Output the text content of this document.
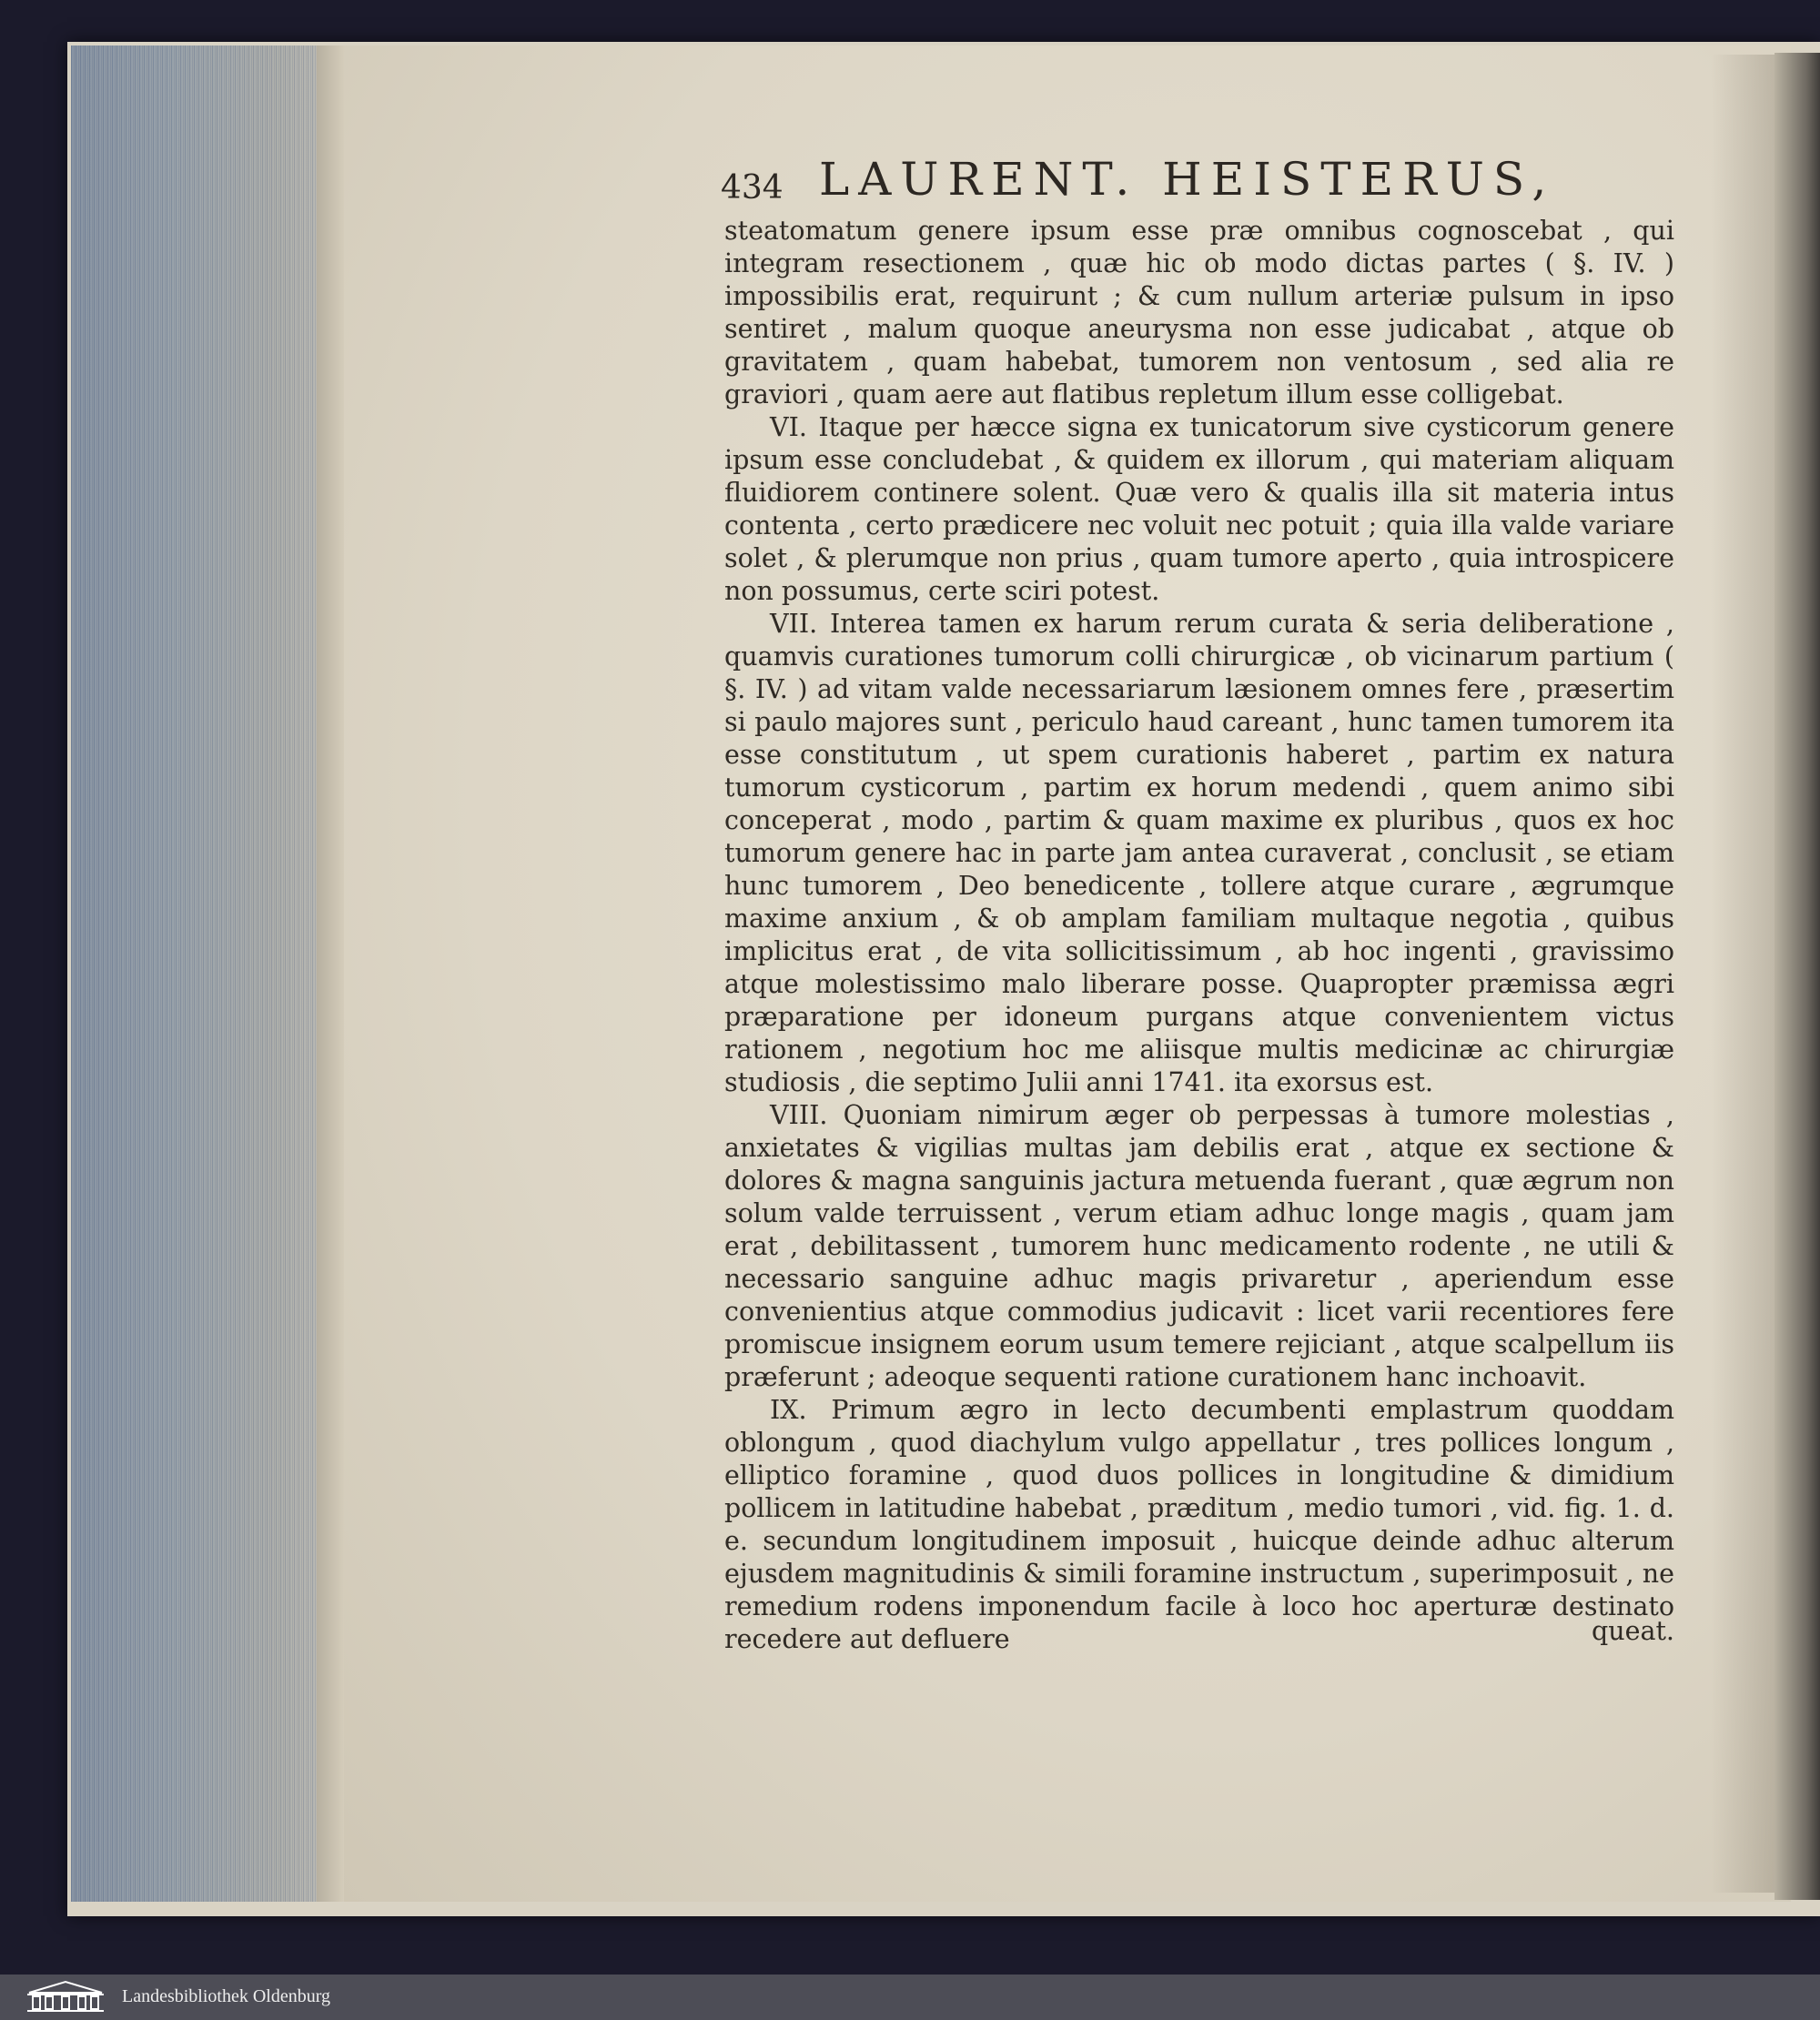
434 LAURENT. HEISTERUS,

steatomatum genere ipsum esse præ omnibus cognoscebat , qui integram resectionem , quæ hic ob modo dictas partes ( §. IV. ) impossibilis erat, requirunt ; & cum nullum arteriæ pulsum in ipso sentiret , malum quoque aneurysma non esse judicabat , atque ob gravitatem , quam habebat, tumorem non ventosum , sed alia re graviori , quam aere aut flatibus repletum illum esse colligebat.

VI. Itaque per hæcce signa ex tunicatorum sive cysticorum genere ipsum esse concludebat , & quidem ex illorum , qui materiam aliquam fluidiorem continere solent. Quæ vero & qualis illa sit materia intus contenta , certo prædicere nec voluit nec potuit ; quia illa valde variare solet , & plerumque non prius , quam tumore aperto , quia introspicere non possumus, certe sciri potest.

VII. Interea tamen ex harum rerum curata & seria deliberatione , quamvis curationes tumorum colli chirurgicæ , ob vicinarum partium ( §. IV. ) ad vitam valde necessariarum læsionem omnes fere , præsertim si paulo majores sunt , periculo haud careant , hunc tamen tumorem ita esse constitutum , ut spem curationis haberet , partim ex natura tumorum cysticorum , partim ex horum medendi , quem animo sibi conceperat , modo , partim & quam maxime ex pluribus , quos ex hoc tumorum genere hac in parte jam antea curaverat , conclusit , se etiam hunc tumorem , Deo benedicente , tollere atque curare , ægrumque maxime anxium , & ob amplam familiam multaque negotia , quibus implicitus erat , de vita sollicitissimum , ab hoc ingenti , gravissimo atque molestissimo malo liberare posse. Quapropter præmissa ægri præparatione per idoneum purgans atque convenientem victus rationem , negotium hoc me aliisque multis medicinæ ac chirurgiæ studiosis , die septimo Julii anni 1741. ita exorsus est.

VIII. Quoniam nimirum æger ob perpessas à tumore molestias , anxietates & vigilias multas jam debilis erat , atque ex sectione & dolores & magna sanguinis jactura metuenda fuerant , quæ ægrum non solum valde terruissent , verum etiam adhuc longe magis , quam jam erat , debilitassent , tumorem hunc medicamento rodente , ne utili & necessario sanguine adhuc magis privaretur , aperiendum esse convenientius atque commodius judicavit : licet varii recentiores fere promiscue insignem eorum usum temere rejiciant , atque scalpellum iis præferunt ; adeoque sequenti ratione curationem hanc inchoavit.

IX. Primum ægro in lecto decumbenti emplastrum quoddam oblongum , quod diachylum vulgo appellatur , tres pollices longum , elliptico foramine , quod duos pollices in longitudine & dimidium pollicem in latitudine habebat , præditum , medio tumori , vid. fig. 1. d. e. secundum longitudinem imposuit , huicque deinde adhuc alterum ejusdem magnitudinis & simili foramine instructum , superimposuit , ne remedium rodens imponendum facile à loco hoc aperturæ destinato recedere aut defluere	queat.
Landesbibliothek Oldenburg
